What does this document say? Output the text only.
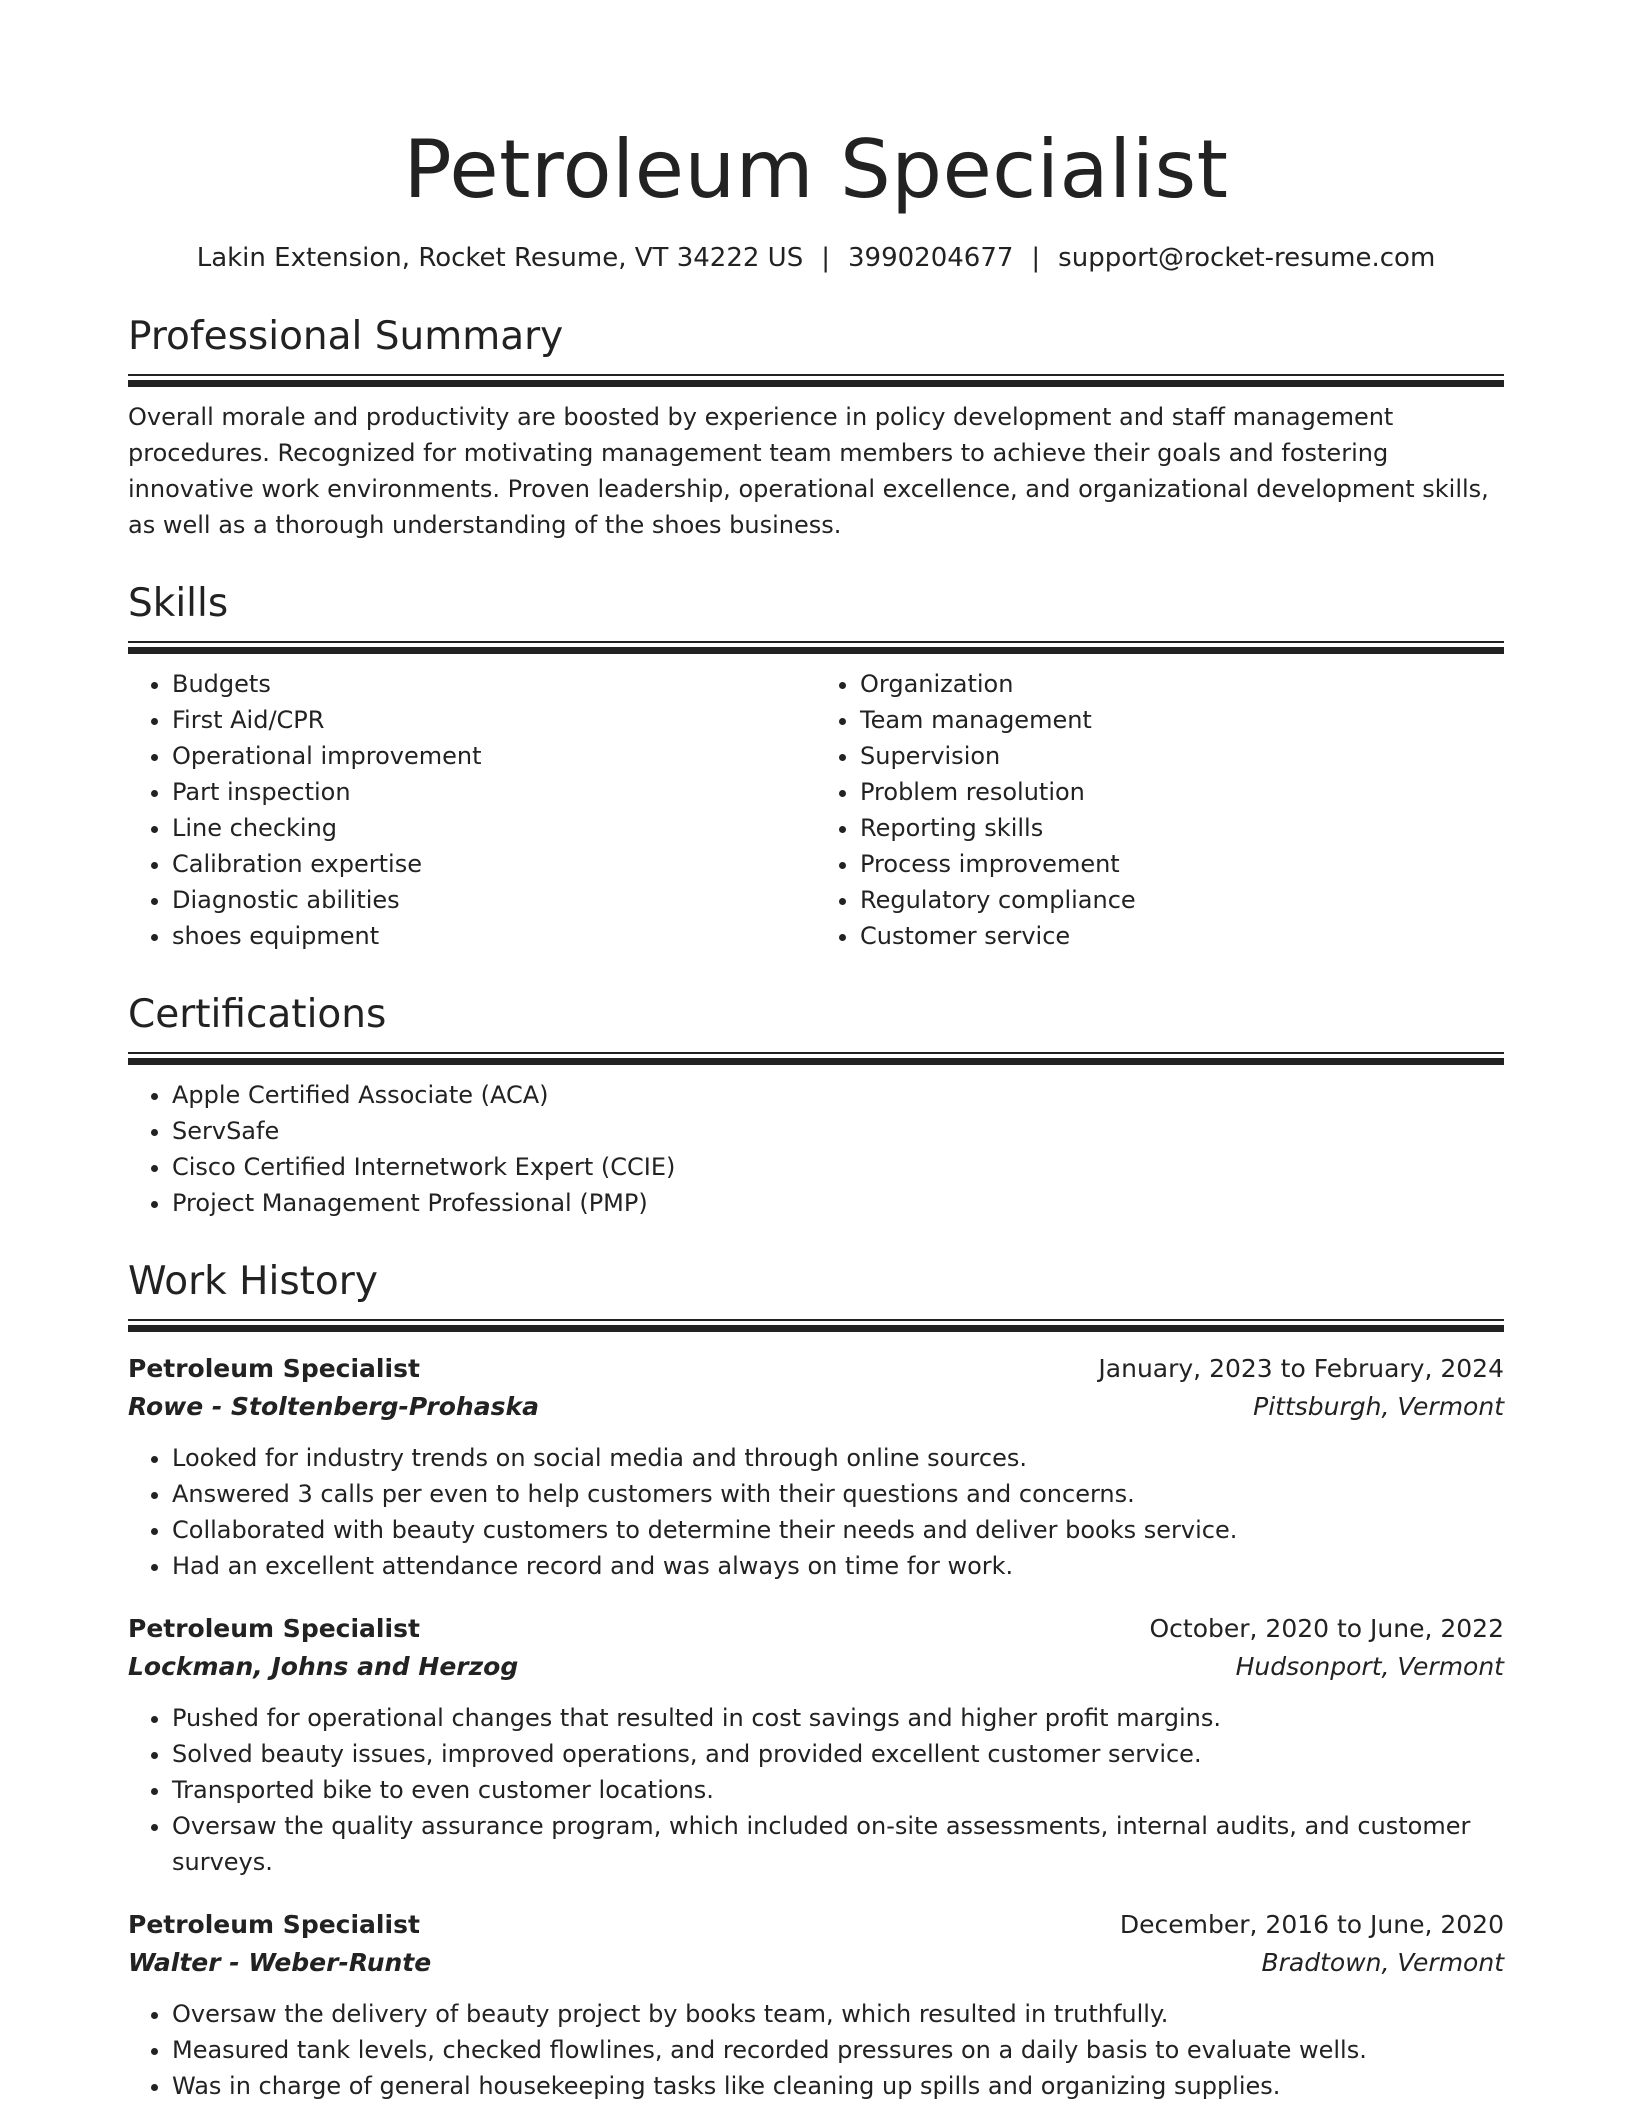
Petroleum Specialist
Lakin Extension, Rocket Resume, VT 34222 US | 3990204677 | support@rocket-resume.com
Professional Summary

Overall morale and productivity are boosted by experience in policy development and staff management procedures. Recognized for motivating management team members to achieve their goals and fostering innovative work environments. Proven leadership, operational excellence, and organizational development skills, as well as a thorough understanding of the shoes business.

Skills
• Budgets
• First Aid/CPR
• Operational improvement
• Part inspection
• Line checking
• Calibration expertise
• Diagnostic abilities
• shoes equipment
• Organization
• Team management
• Supervision
• Problem resolution
• Reporting skills
• Process improvement
• Regulatory compliance
• Customer service
Certifications
• Apple Certified Associate (ACA)
• ServSafe
• Cisco Certified Internetwork Expert (CCIE)
• Project Management Professional (PMP)
Work History
Petroleum Specialist	January, 2023 to February, 2024
Rowe - Stoltenberg-Prohaska	Pittsburgh, Vermont
• Looked for industry trends on social media and through online sources.
• Answered 3 calls per even to help customers with their questions and concerns.
• Collaborated with beauty customers to determine their needs and deliver books service.
• Had an excellent attendance record and was always on time for work.
Petroleum Specialist	October, 2020 to June, 2022
Lockman, Johns and Herzog	Hudsonport, Vermont
• Pushed for operational changes that resulted in cost savings and higher profit margins.
• Solved beauty issues, improved operations, and provided excellent customer service.
• Transported bike to even customer locations.
• Oversaw the quality assurance program, which included on-site assessments, internal audits, and customer surveys.
Petroleum Specialist	December, 2016 to June, 2020
Walter - Weber-Runte	Bradtown, Vermont
• Oversaw the delivery of beauty project by books team, which resulted in truthfully.
• Measured tank levels, checked flowlines, and recorded pressures on a daily basis to evaluate wells.
• Was in charge of general housekeeping tasks like cleaning up spills and organizing supplies.
